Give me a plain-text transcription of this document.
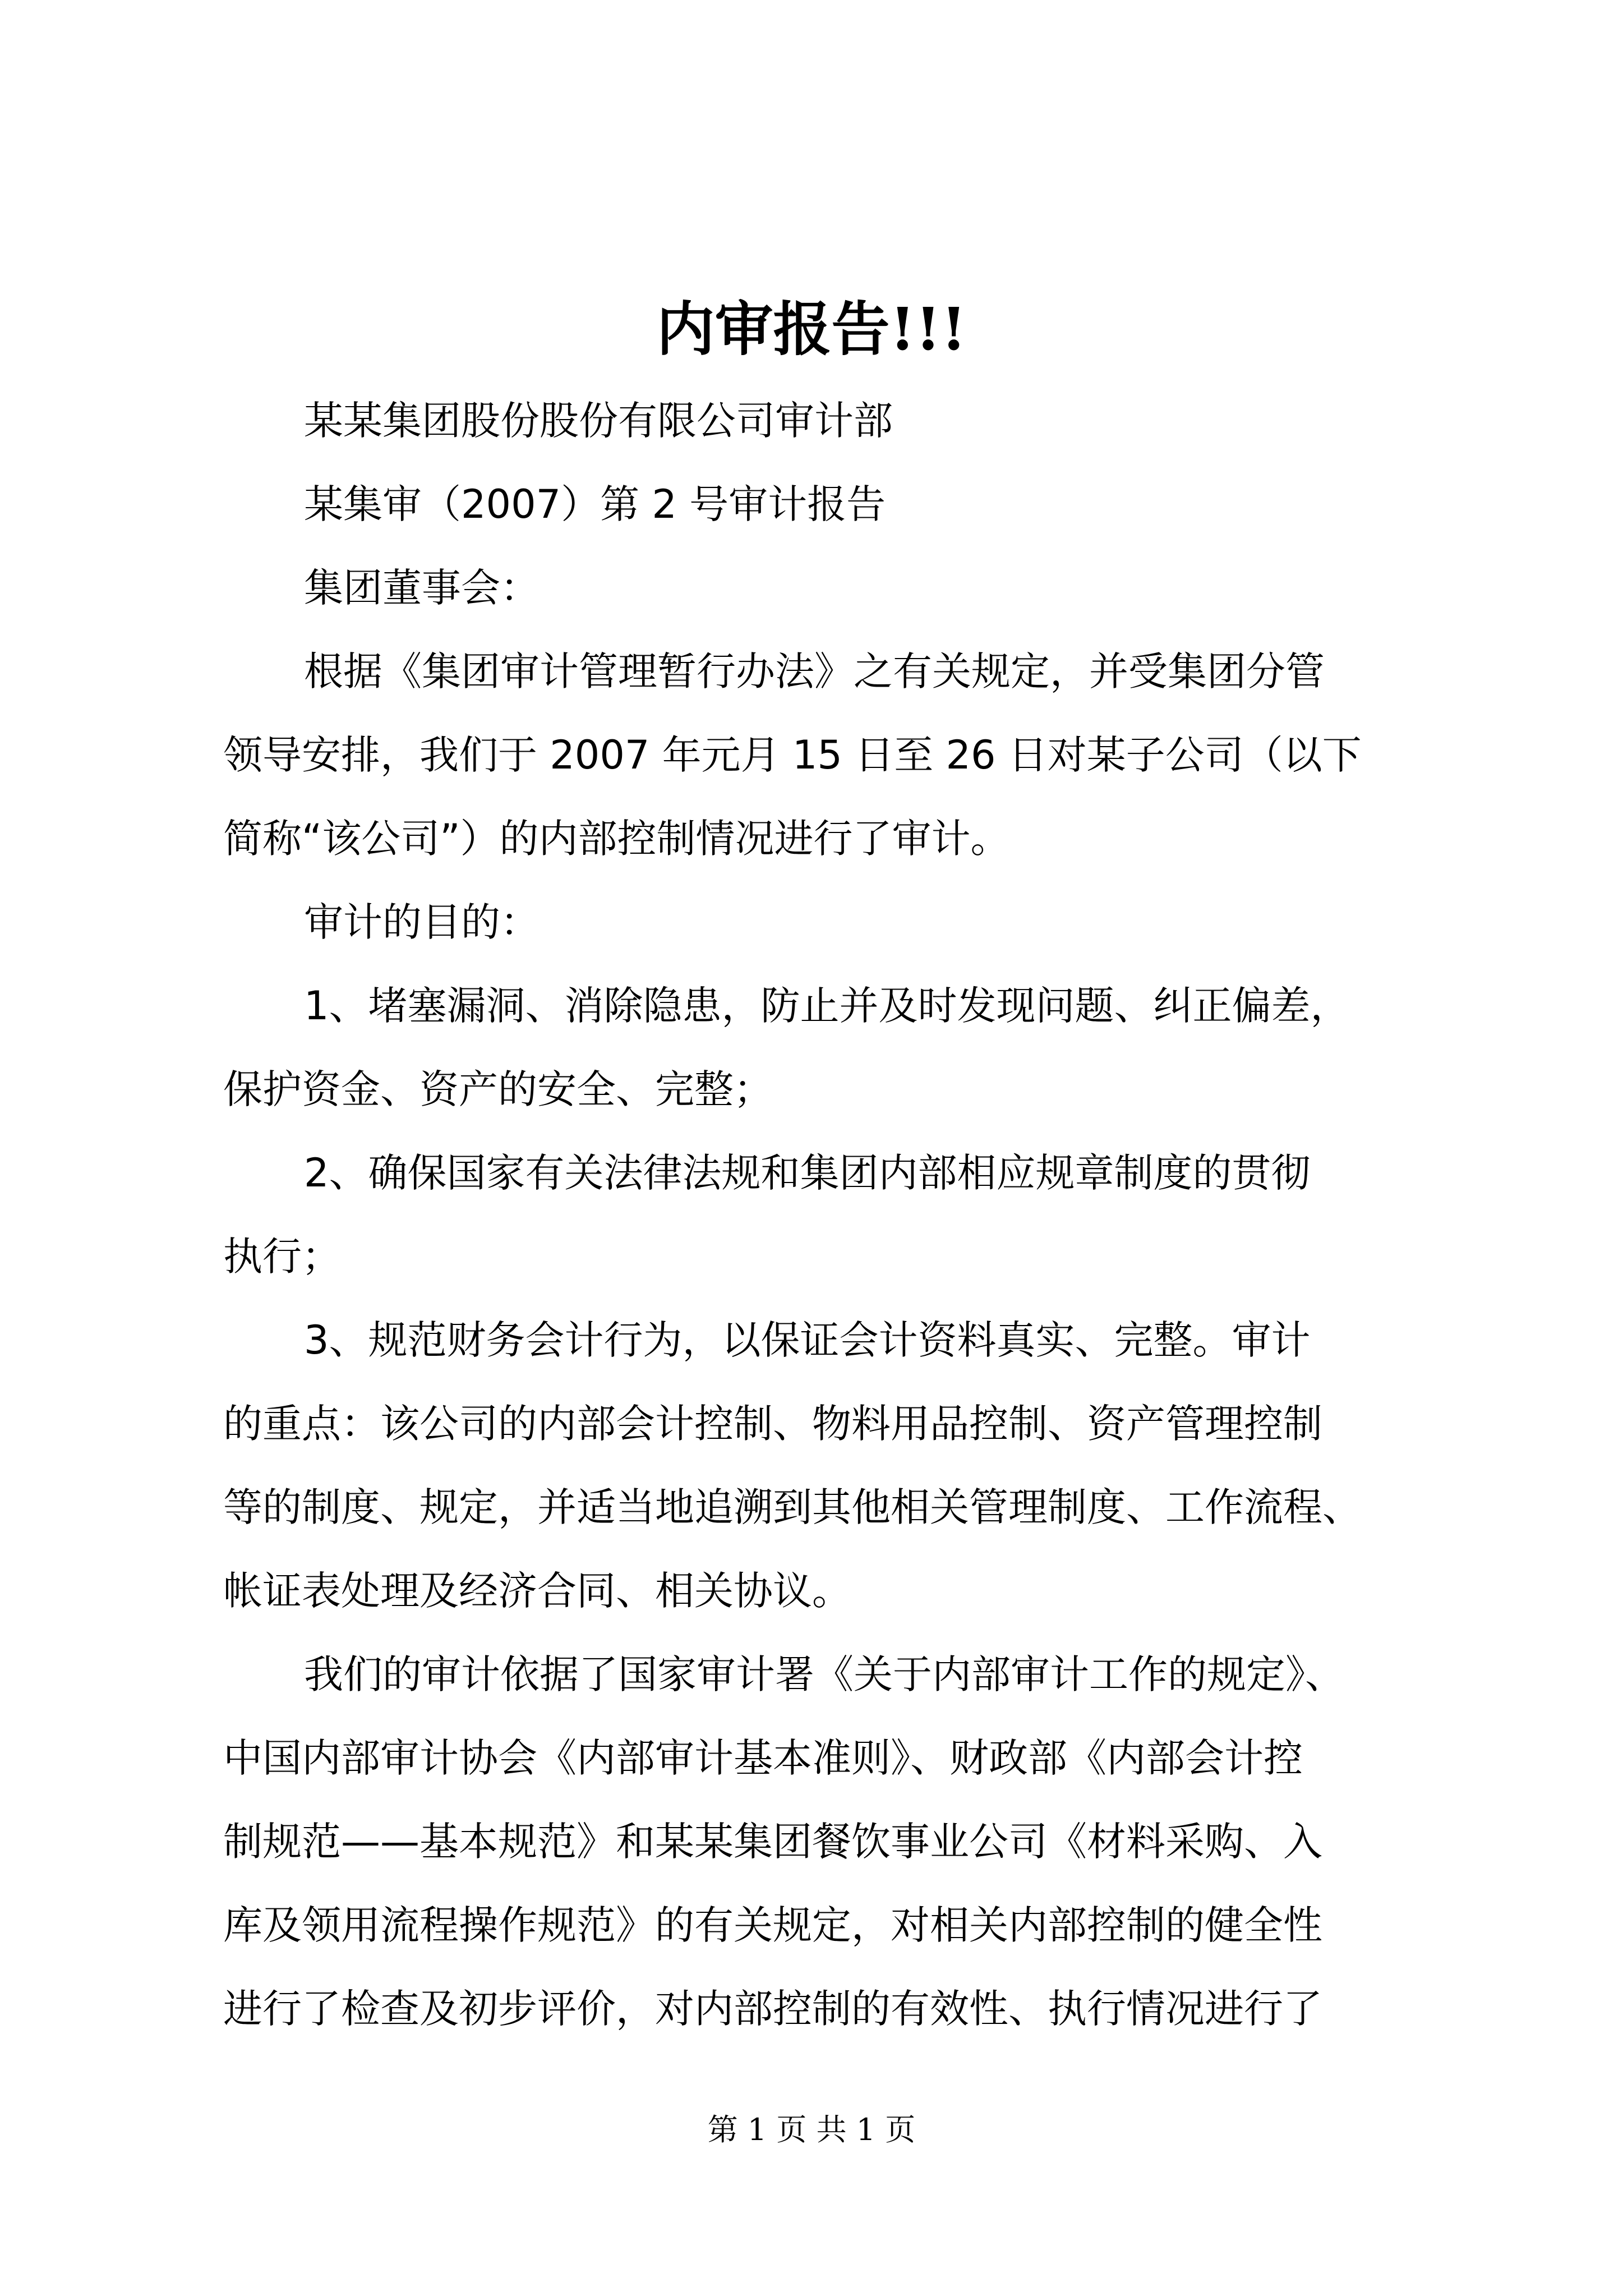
内审报告!!!
某某集团股份股份有限公司审计部
某集审（2007）第 2 号审计报告
集团董事会：
根据《集团审计管理暂行办法》之有关规定，并受集团分管
领导安排，我们于 2007 年元月 15 日至 26 日对某子公司（以下
简称“该公司”）的内部控制情况进行了审计。
审计的目的：
1、堵塞漏洞、消除隐患，防止并及时发现问题、纠正偏差，
保护资金、资产的安全、完整；
2、确保国家有关法律法规和集团内部相应规章制度的贯彻
执行；
3、规范财务会计行为，以保证会计资料真实、完整。审计
的重点：该公司的内部会计控制、物料用品控制、资产管理控制
等的制度、规定，并适当地追溯到其他相关管理制度、工作流程、
帐证表处理及经济合同、相关协议。
我们的审计依据了国家审计署《关于内部审计工作的规定》、
中国内部审计协会《内部审计基本准则》、财政部《内部会计控
制规范——基本规范》和某某集团餐饮事业公司《材料采购、入
库及领用流程操作规范》的有关规定，对相关内部控制的健全性
进行了检查及初步评价，对内部控制的有效性、执行情况进行了
第 1 页 共 1 页
